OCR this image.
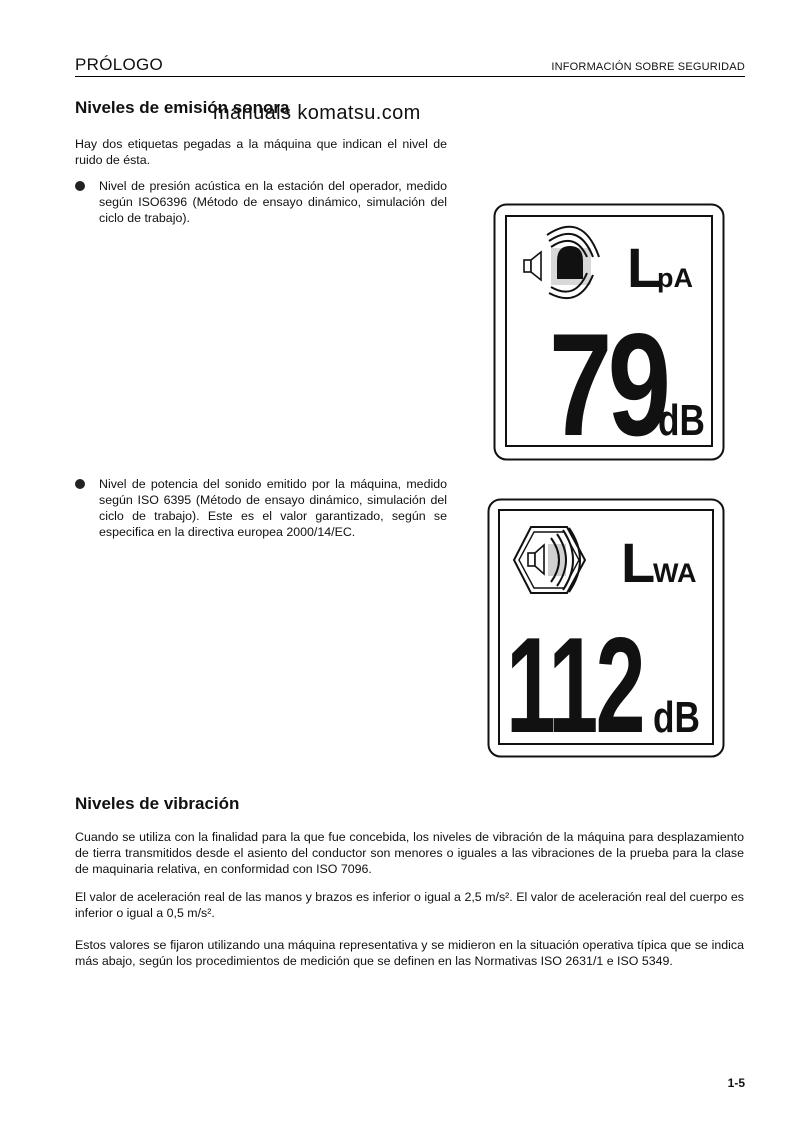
PRÓLOGO	INFORMACIÓN SOBRE SEGURIDAD
Niveles de emisión sonora
manuals komatsu.com
Hay dos etiquetas pegadas a la máquina que indican el nivel de ruido de ésta.
Nivel de presión acústica en la estación del operador, medido según ISO6396 (Método de ensayo dinámico, simulación del ciclo de trabajo).
Nivel de potencia del sonido emitido por la máquina, medido según ISO 6395 (Método de ensayo dinámico, simulación del ciclo de trabajo). Este es el valor garantizado, según se especifica en la directiva europea 2000/14/EC.
L
pA
79
dB
L
WA
112 dB
Niveles de vibración
Cuando se utiliza con la finalidad para la que fue concebida, los niveles de vibración de la máquina para desplazamiento de tierra transmitidos desde el asiento del conductor son menores o iguales a las vibraciones de la prueba para la clase de maquinaria relativa, en conformidad con ISO 7096.
El valor de aceleración real de las manos y brazos es inferior o igual a 2,5 m/s². El valor de aceleración real del cuerpo es inferior o igual a 0,5 m/s².
Estos valores se fijaron utilizando una máquina representativa y se midieron en la situación operativa típica que se indica más abajo, según los procedimientos de medición que se definen en las Normativas ISO 2631/1 e ISO 5349.
1-5
